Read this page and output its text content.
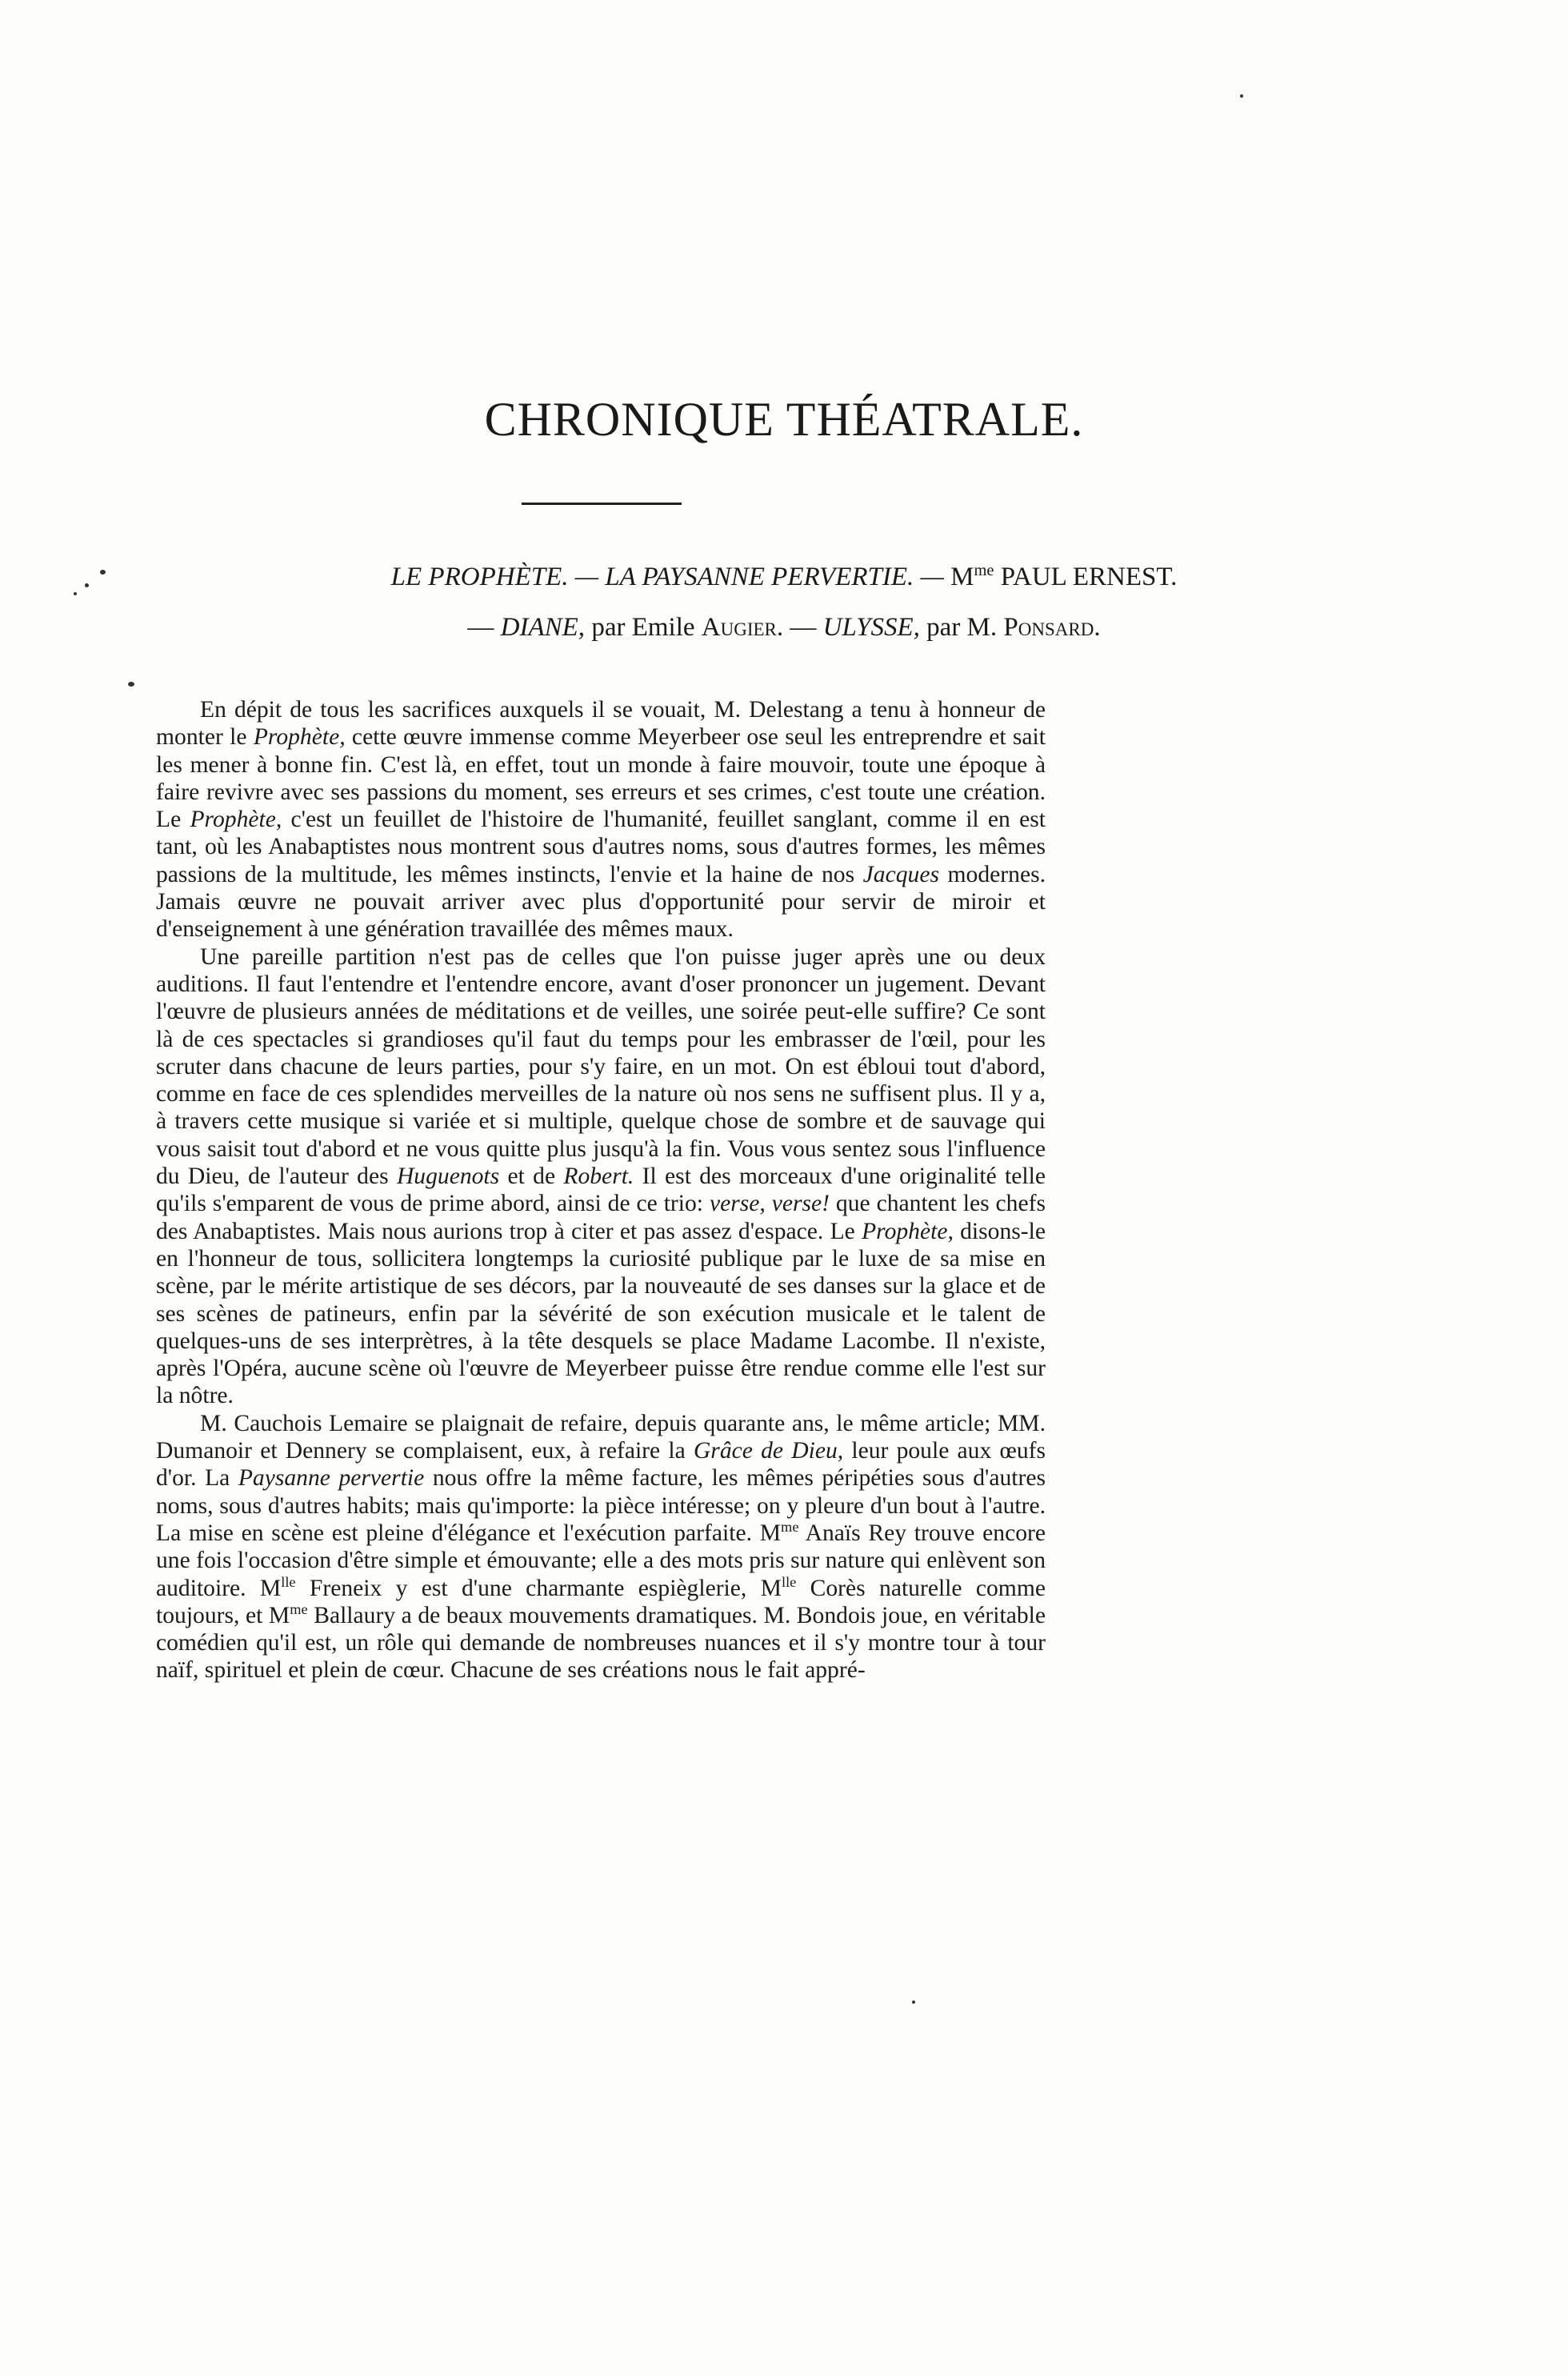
CHRONIQUE THÉATRALE.
LE PROPHÈTE. — LA PAYSANNE PERVERTIE. — $M^{me}$ PAUL ERNEST.
— DIANE, par Emile Augier. — ULYSSE, par M. Ponsard.

En dépit de tous les sacrifices auxquels il se vouait, M. Delestang a tenu à honneur de monter le Prophète, cette œuvre immense comme Meyerbeer ose seul les entreprendre et sait les mener à bonne fin. C'est là, en effet, tout un monde à faire mouvoir, toute une époque à faire revivre avec ses passions du moment, ses erreurs et ses crimes, c'est toute une création. Le Prophète, c'est un feuillet de l'histoire de l'humanité, feuillet sanglant, comme il en est tant, où les Anabaptistes nous montrent sous d'autres noms, sous d'autres formes, les mêmes passions de la multitude, les mêmes instincts, l'envie et la haine de nos Jacques modernes. Jamais œuvre ne pouvait arriver avec plus d'opportunité pour servir de miroir et d'enseignement à une génération travaillée des mêmes maux.

Une pareille partition n'est pas de celles que l'on puisse juger après une ou deux auditions. Il faut l'entendre et l'entendre encore, avant d'oser prononcer un jugement. Devant l'œuvre de plusieurs années de méditations et de veilles, une soirée peut-elle suffire? Ce sont là de ces spectacles si grandioses qu'il faut du temps pour les embrasser de l'œil, pour les scruter dans chacune de leurs parties, pour s'y faire, en un mot. On est ébloui tout d'abord, comme en face de ces splendides merveilles de la nature où nos sens ne suffisent plus. Il y a, à travers cette musique si variée et si multiple, quelque chose de sombre et de sauvage qui vous saisit tout d'abord et ne vous quitte plus jusqu'à la fin. Vous vous sentez sous l'influence du Dieu, de l'auteur des Huguenots et de Robert. Il est des morceaux d'une originalité telle qu'ils s'emparent de vous de prime abord, ainsi de ce trio: verse, verse! que chantent les chefs des Anabaptistes. Mais nous aurions trop à citer et pas assez d'espace. Le Prophète, disons-le en l'honneur de tous, sollicitera longtemps la curiosité publique par le luxe de sa mise en scène, par le mérite artistique de ses décors, par la nouveauté de ses danses sur la glace et de ses scènes de patineurs, enfin par la sévérité de son exécution musicale et le talent de quelques-uns de ses interprètres, à la tête desquels se place Madame Lacombe. Il n'existe, après l'Opéra, aucune scène où l'œuvre de Meyerbeer puisse être rendue comme elle l'est sur la nôtre.

M. Cauchois Lemaire se plaignait de refaire, depuis quarante ans, le même article; MM. Dumanoir et Dennery se complaisent, eux, à refaire la Grâce de Dieu, leur poule aux œufs d'or. La Paysanne pervertie nous offre la même facture, les mêmes péripéties sous d'autres noms, sous d'autres habits; mais qu'importe: la pièce intéresse; on y pleure d'un bout à l'autre. La mise en scène est pleine d'élégance et l'exécution parfaite. $M^{me}$ Anaïs Rey trouve encore une fois l'occasion d'être simple et émouvante; elle a des mots pris sur nature qui enlèvent son auditoire. $M^{lle}$ Freneix y est d'une charmante espièglerie, $M^{lle}$ Corès naturelle comme toujours, et $M^{me}$ Ballaury a de beaux mouvements dramatiques. M. Bondois joue, en véritable comédien qu'il est, un rôle qui demande de nombreuses nuances et il s'y montre tour à tour naïf, spirituel et plein de cœur. Chacune de ses créations nous le fait appré-
